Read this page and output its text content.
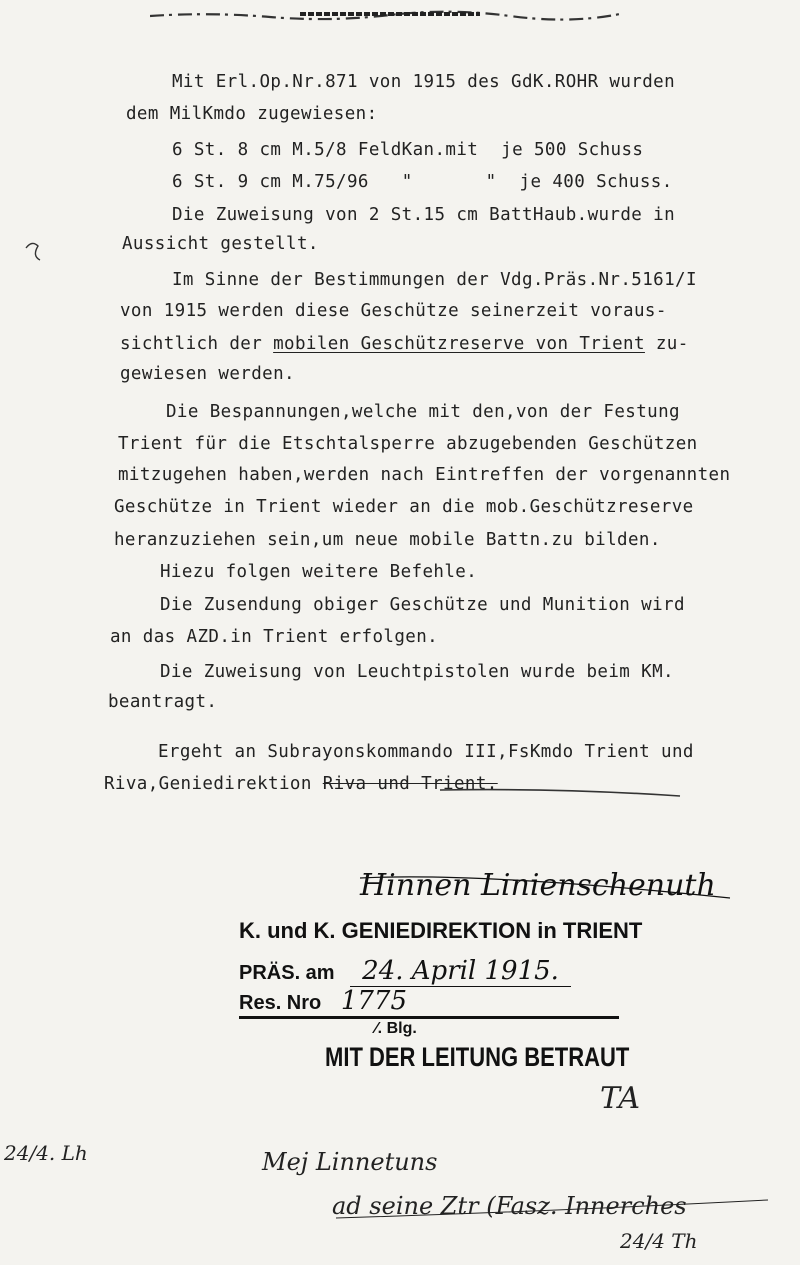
Mit Erl.Op.Nr.871 von 1915 des GdK.ROHR wurden
dem MilKmdo zugewiesen:
6 St. 8 cm M.5/8 FeldKan.mit je 500 Schuss
6 St. 9 cm M.75/96 "	" je 400 Schuss.
Die Zuweisung von 2 St.15 cm BattHaub.wurde in
Aussicht gestellt.
Im Sinne der Bestimmungen der Vdg.Präs.Nr.5161/I
von 1915 werden diese Geschütze seinerzeit voraus-
sichtlich der mobilen Geschützreserve von Trient zu-
gewiesen werden.
Die Bespannungen,welche mit den,von der Festung
Trient für die Etschtalsperre abzugebenden Geschützen
mitzugehen haben,werden nach Eintreffen der vorgenannten
Geschütze in Trient wieder an die mob.Geschützreserve
heranzuziehen sein,um neue mobile Battn.zu bilden.
Hiezu folgen weitere Befehle.
Die Zusendung obiger Geschütze und Munition wird
an das AZD.in Trient erfolgen.
Die Zuweisung von Leuchtpistolen wurde beim KM.
beantragt.
Ergeht an Subrayonskommando III,FsKmdo Trient und
Riva,Geniedirektion Riva und Trient.
Hinnen Linienschenuth
TA
24/4. Lh	Mej Linnetuns
ad seine Ztr (Fasz. Innerches
24/4 Th
K. und K. GENIEDIREKTION in TRIENT
PRÄS. am 24. April 1915.
Res. Nro 1775
⁄. Blg.
MIT DER LEITUNG BETRAUT
